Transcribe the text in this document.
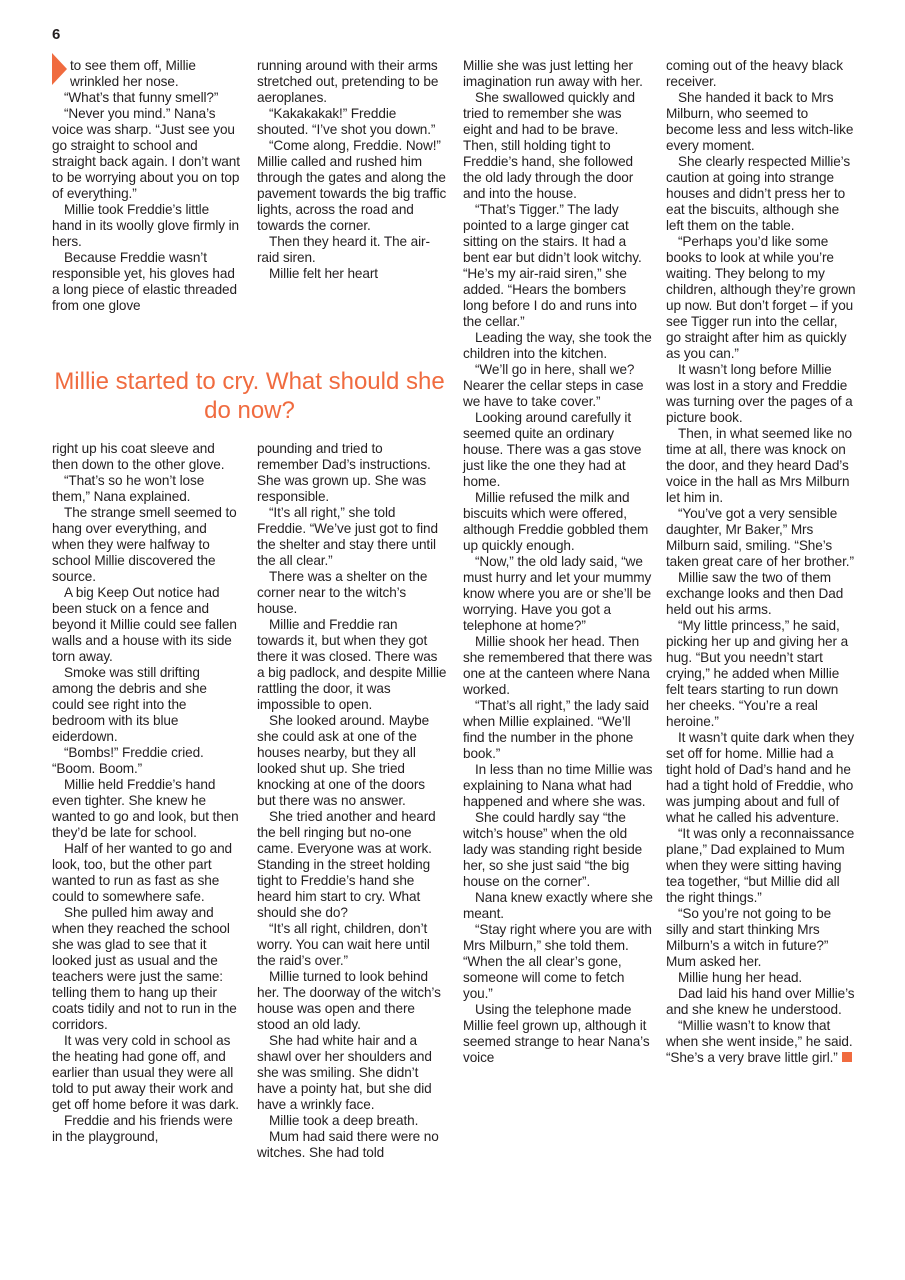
6

to see them off, Millie wrinkled her nose.

“What’s that funny smell?”

“Never you mind.” Nana’s voice was sharp. “Just see you go straight to school and straight back again. I don’t want to be worrying about you on top of everything.”

Millie took Freddie’s little hand in its woolly glove firmly in hers.

Because Freddie wasn’t responsible yet, his gloves had a long piece of elastic threaded from one glove

running around with their arms stretched out, pretending to be aeroplanes.

“Kakakakak!” Freddie shouted. “I’ve shot you down.”

“Come along, Freddie. Now!” Millie called and rushed him through the gates and along the pavement towards the big traffic lights, across the road and towards the corner.

Then they heard it. The air-raid siren.

Millie felt her heart

Millie started to cry. What should she do now?

right up his coat sleeve and then down to the other glove.

“That’s so he won’t lose them,” Nana explained.

The strange smell seemed to hang over everything, and when they were halfway to school Millie discovered the source.

A big Keep Out notice had been stuck on a fence and beyond it Millie could see fallen walls and a house with its side torn away.

Smoke was still drifting among the debris and she could see right into the bedroom with its blue eiderdown.

“Bombs!” Freddie cried. “Boom. Boom.”

Millie held Freddie’s hand even tighter. She knew he wanted to go and look, but then they’d be late for school.

Half of her wanted to go and look, too, but the other part wanted to run as fast as she could to somewhere safe.

She pulled him away and when they reached the school she was glad to see that it looked just as usual and the teachers were just the same: telling them to hang up their coats tidily and not to run in the corridors.

It was very cold in school as the heating had gone off, and earlier than usual they were all told to put away their work and get off home before it was dark.

Freddie and his friends were in the playground,

pounding and tried to remember Dad’s instructions. She was grown up. She was responsible.

“It’s all right,” she told Freddie. “We’ve just got to find the shelter and stay there until the all clear.”

There was a shelter on the corner near to the witch’s house.

Millie and Freddie ran towards it, but when they got there it was closed. There was a big padlock, and despite Millie rattling the door, it was impossible to open.

She looked around. Maybe she could ask at one of the houses nearby, but they all looked shut up. She tried knocking at one of the doors but there was no answer.

She tried another and heard the bell ringing but no-one came. Everyone was at work. Standing in the street holding tight to Freddie’s hand she heard him start to cry. What should she do?

“It’s all right, children, don’t worry. You can wait here until the raid’s over.”

Millie turned to look behind her. The doorway of the witch’s house was open and there stood an old lady.

She had white hair and a shawl over her shoulders and she was smiling. She didn’t have a pointy hat, but she did have a wrinkly face.

Millie took a deep breath.

Mum had said there were no witches. She had told

Millie she was just letting her imagination run away with her.

She swallowed quickly and tried to remember she was eight and had to be brave. Then, still holding tight to Freddie’s hand, she followed the old lady through the door and into the house.

“That’s Tigger.” The lady pointed to a large ginger cat sitting on the stairs. It had a bent ear but didn’t look witchy. “He’s my air-raid siren,” she added. “Hears the bombers long before I do and runs into the cellar.”

Leading the way, she took the children into the kitchen.

“We’ll go in here, shall we? Nearer the cellar steps in case we have to take cover.”

Looking around carefully it seemed quite an ordinary house. There was a gas stove just like the one they had at home.

Millie refused the milk and biscuits which were offered, although Freddie gobbled them up quickly enough.

“Now,” the old lady said, “we must hurry and let your mummy know where you are or she’ll be worrying. Have you got a telephone at home?”

Millie shook her head. Then she remembered that there was one at the canteen where Nana worked.

“That’s all right,” the lady said when Millie explained. “We’ll find the number in the phone book.”

In less than no time Millie was explaining to Nana what had happened and where she was.

She could hardly say “the witch’s house” when the old lady was standing right beside her, so she just said “the big house on the corner”.

Nana knew exactly where she meant.

“Stay right where you are with Mrs Milburn,” she told them. “When the all clear’s gone, someone will come to fetch you.”

Using the telephone made Millie feel grown up, although it seemed strange to hear Nana’s voice

coming out of the heavy black receiver.

She handed it back to Mrs Milburn, who seemed to become less and less witch-like every moment.

She clearly respected Millie’s caution at going into strange houses and didn’t press her to eat the biscuits, although she left them on the table.

“Perhaps you’d like some books to look at while you’re waiting. They belong to my children, although they’re grown up now. But don’t forget – if you see Tigger run into the cellar, go straight after him as quickly as you can.”

It wasn’t long before Millie was lost in a story and Freddie was turning over the pages of a picture book.

Then, in what seemed like no time at all, there was knock on the door, and they heard Dad’s voice in the hall as Mrs Milburn let him in.

“You’ve got a very sensible daughter, Mr Baker,” Mrs Milburn said, smiling. “She’s taken great care of her brother.”

Millie saw the two of them exchange looks and then Dad held out his arms.

“My little princess,” he said, picking her up and giving her a hug. “But you needn’t start crying,” he added when Millie felt tears starting to run down her cheeks. “You’re a real heroine.”

It wasn’t quite dark when they set off for home. Millie had a tight hold of Dad’s hand and he had a tight hold of Freddie, who was jumping about and full of what he called his adventure.

“It was only a reconnaissance plane,” Dad explained to Mum when they were sitting having tea together, “but Millie did all the right things.”

“So you’re not going to be silly and start thinking Mrs Milburn’s a witch in future?” Mum asked her.

Millie hung her head.

Dad laid his hand over Millie’s and she knew he understood.

“Millie wasn’t to know that when she went inside,” he said. “She’s a very brave little girl.”
